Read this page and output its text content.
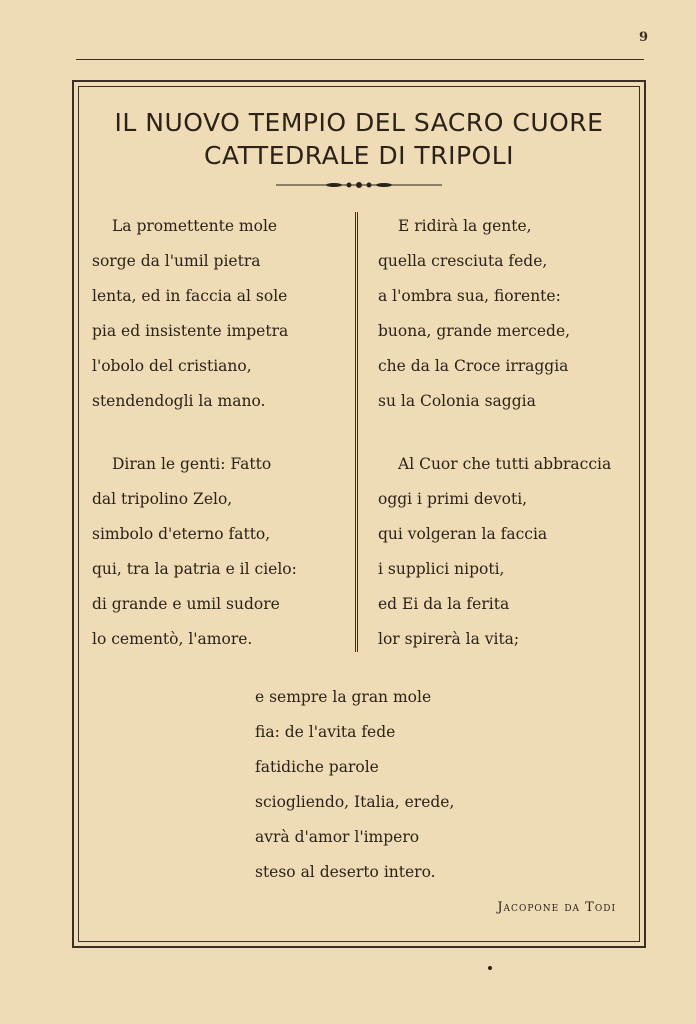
9
IL NUOVO TEMPIO DEL SACRO CUORE
CATTEDRALE DI TRIPOLI
La promettente mole
sorge da l'umil pietra
lenta, ed in faccia al sole
pia ed insistente impetra
l'obolo del cristiano,
stendendogli la mano.
Diran le genti: Fatto
dal tripolino Zelo,
simbolo d'eterno fatto,
qui, tra la patria e il cielo:
di grande e umil sudore
lo cementò, l'amore.
E ridirà la gente,
quella cresciuta fede,
a l'ombra sua, fiorente:
buona, grande mercede,
che da la Croce irraggia
su la Colonia saggia
Al Cuor che tutti abbraccia
oggi i primi devoti,
qui volgeran la faccia
i supplici nipoti,
ed Ei da la ferita
lor spirerà la vita;
e sempre la gran mole
fia: de l'avita fede
fatidiche parole
sciogliendo, Italia, erede,
avrà d'amor l'impero
steso al deserto intero.
Jacopone da Todi
